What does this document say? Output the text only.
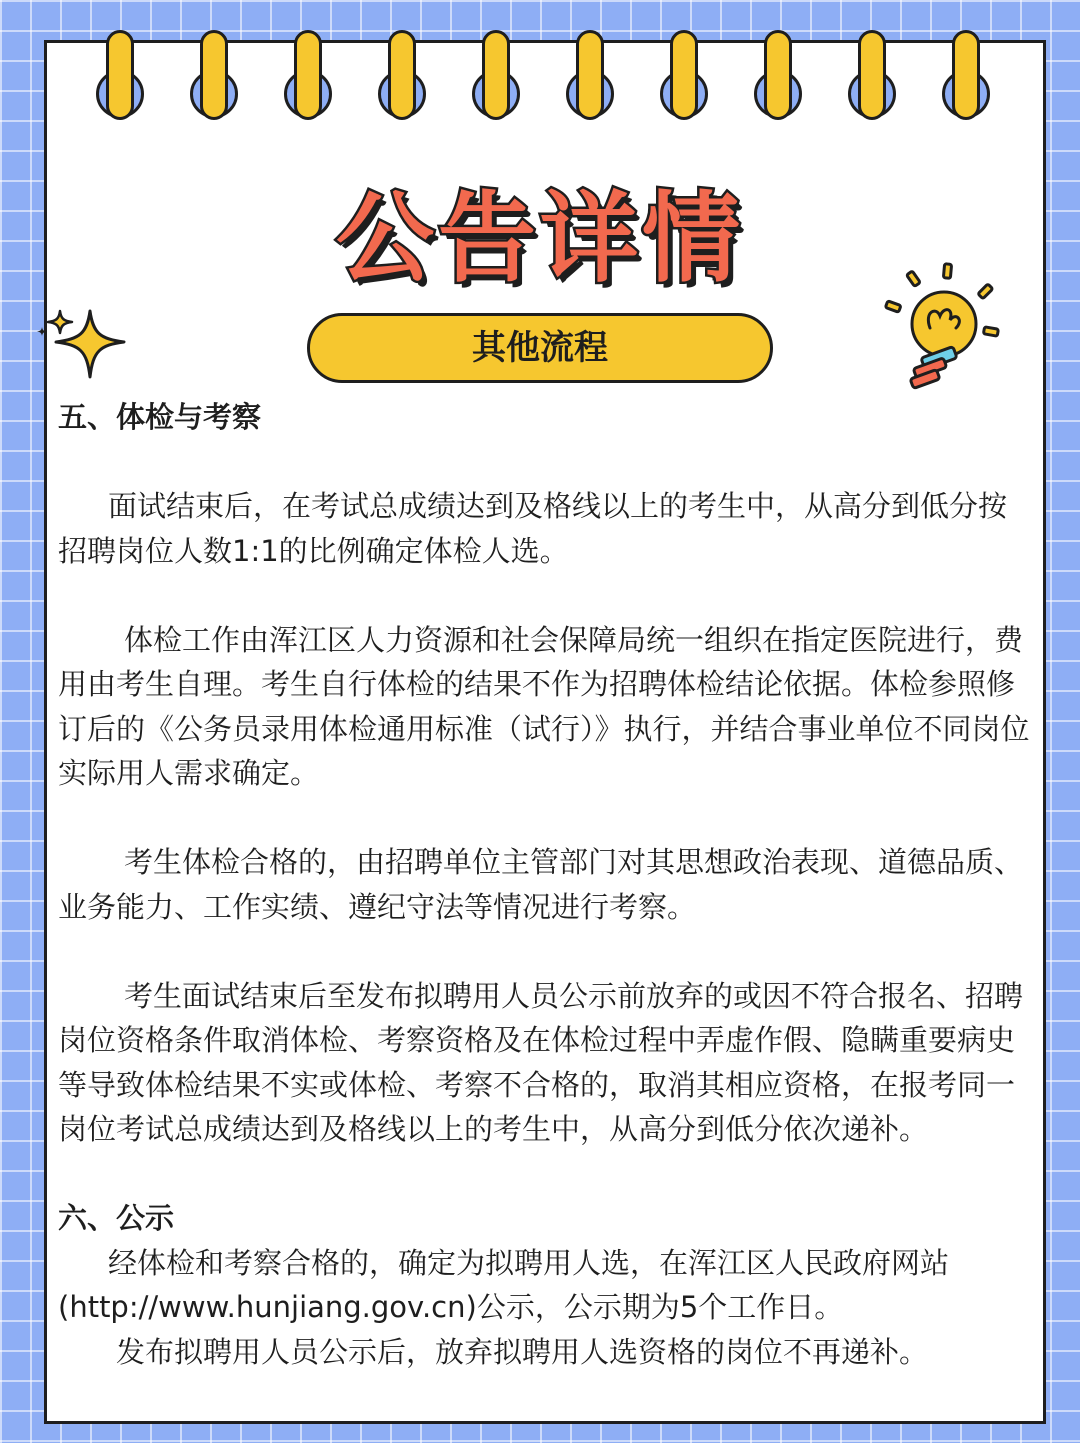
公告详情
其他流程

五、体检与考察

面试结束后，在考试总成绩达到及格线以上的考生中，从高分到低分按招聘岗位人数1:1的比例确定体检人选。

体检工作由浑江区人力资源和社会保障局统一组织在指定医院进行，费用由考生自理。考生自行体检的结果不作为招聘体检结论依据。体检参照修订后的《公务员录用体检通用标准（试行）》执行，并结合事业单位不同岗位实际用人需求确定。

考生体检合格的，由招聘单位主管部门对其思想政治表现、道德品质、业务能力、工作实绩、遵纪守法等情况进行考察。

考生面试结束后至发布拟聘用人员公示前放弃的或因不符合报名、招聘岗位资格条件取消体检、考察资格及在体检过程中弄虚作假、隐瞒重要病史等导致体检结果不实或体检、考察不合格的，取消其相应资格，在报考同一岗位考试总成绩达到及格线以上的考生中，从高分到低分依次递补。

六、公示

经体检和考察合格的，确定为拟聘用人选，在浑江区人民政府网站

(http://www.hunjiang.gov.cn)公示，公示期为5个工作日。

发布拟聘用人员公示后，放弃拟聘用人选资格的岗位不再递补。
